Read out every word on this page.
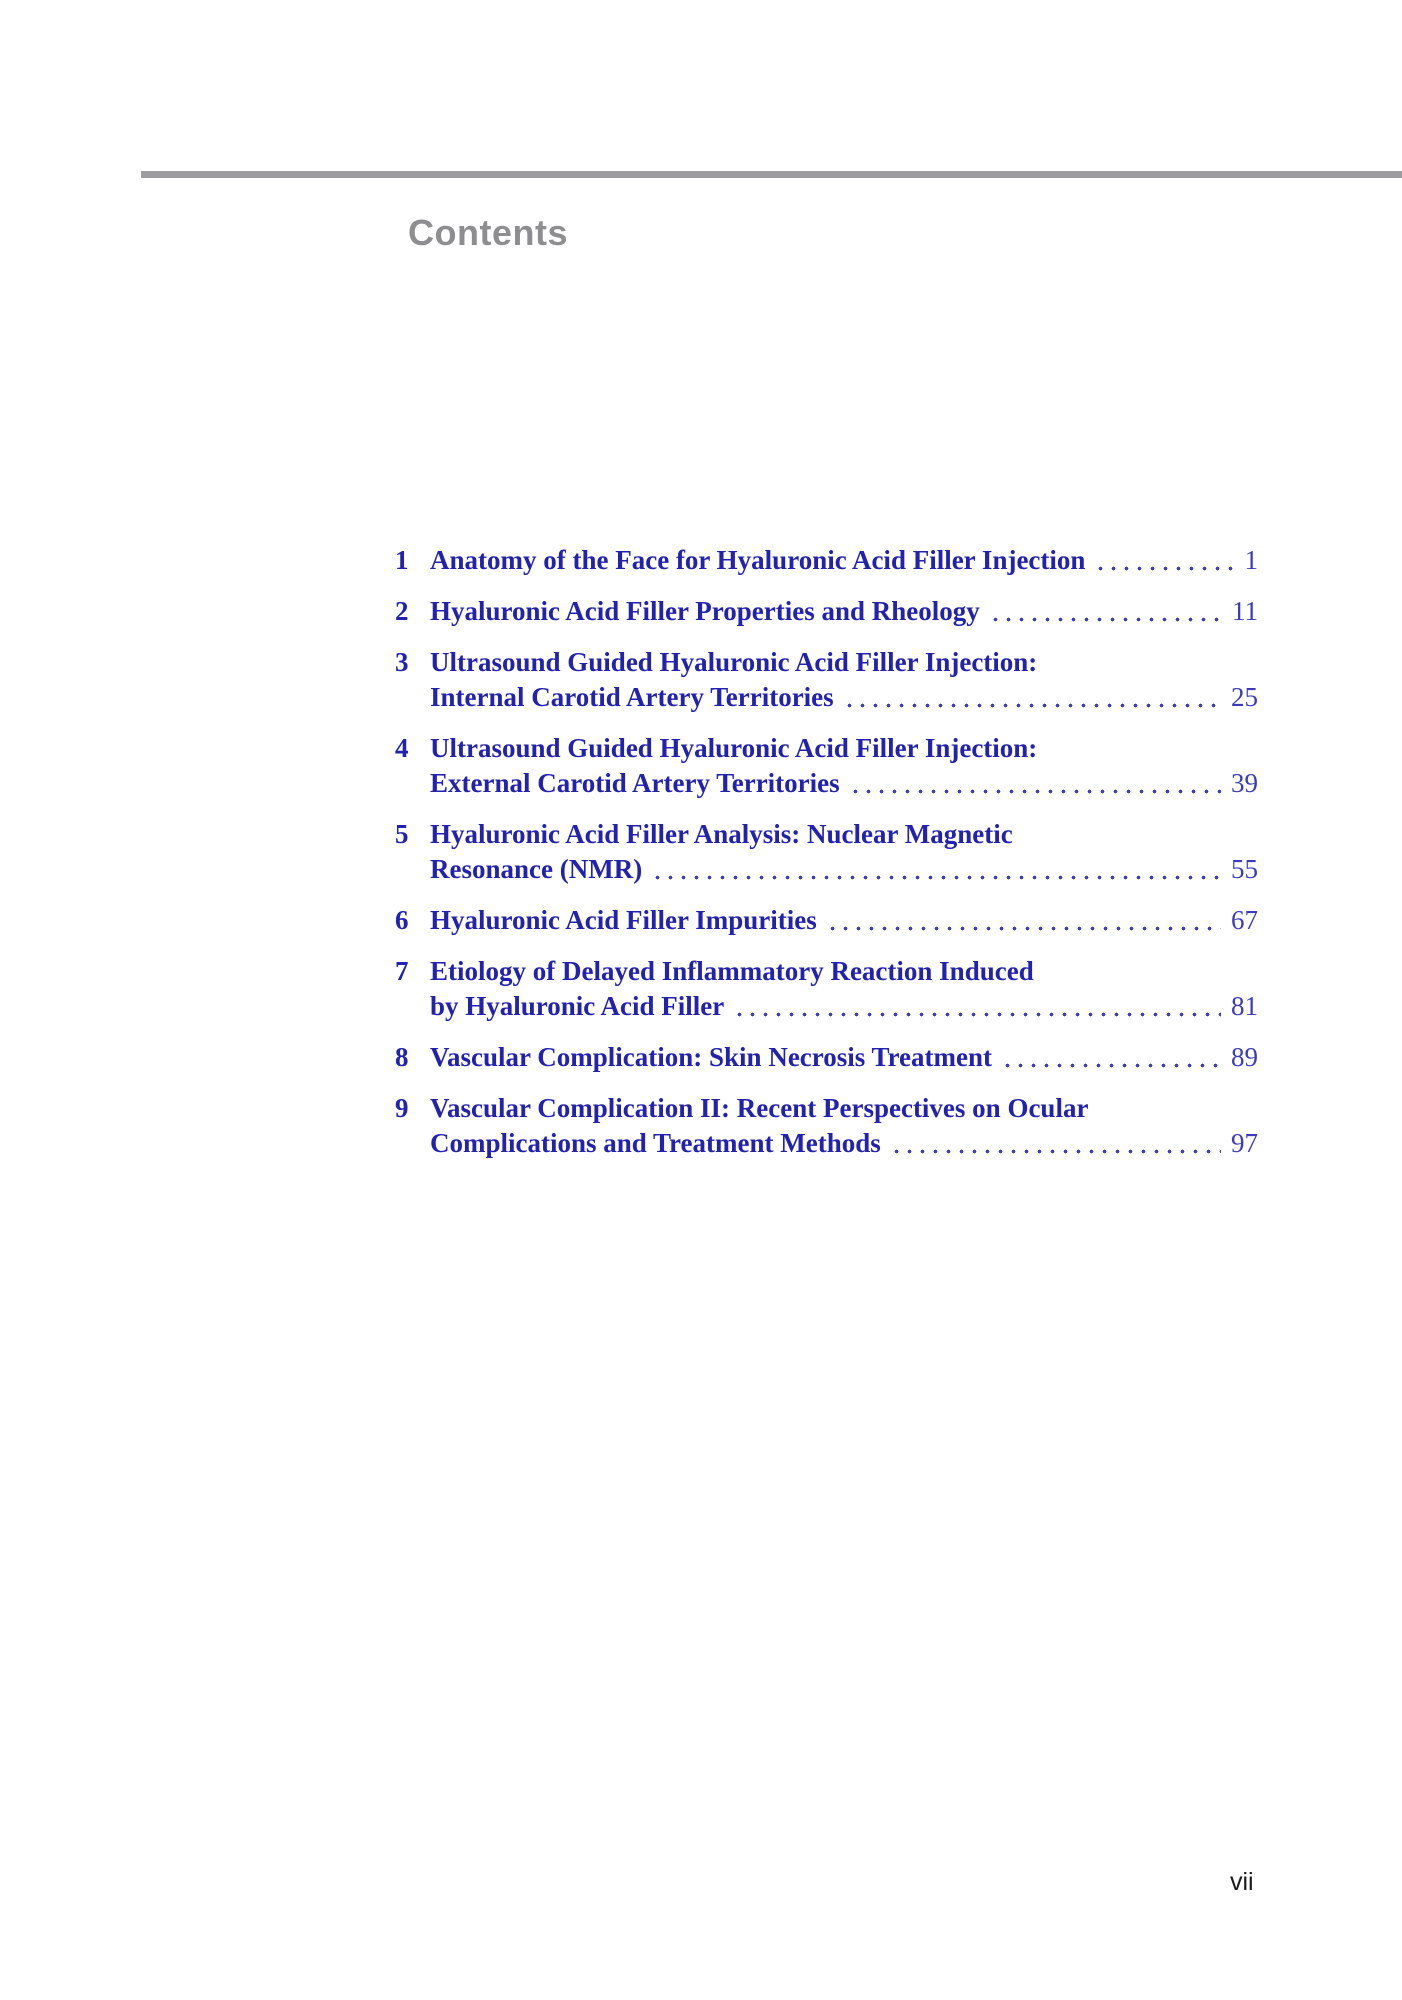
Contents
1 Anatomy of the Face for Hyaluronic Acid Filler Injection	1
2 Hyaluronic Acid Filler Properties and Rheology	11
3 Ultrasound Guided Hyaluronic Acid Filler Injection:
Internal Carotid Artery Territories	25
4 Ultrasound Guided Hyaluronic Acid Filler Injection:
External Carotid Artery Territories	39
5 Hyaluronic Acid Filler Analysis: Nuclear Magnetic
Resonance (NMR)	55
6 Hyaluronic Acid Filler Impurities	67
7 Etiology of Delayed Inflammatory Reaction Induced
by Hyaluronic Acid Filler	81
8 Vascular Complication: Skin Necrosis Treatment	89
9 Vascular Complication II: Recent Perspectives on Ocular
Complications and Treatment Methods	97
vii
